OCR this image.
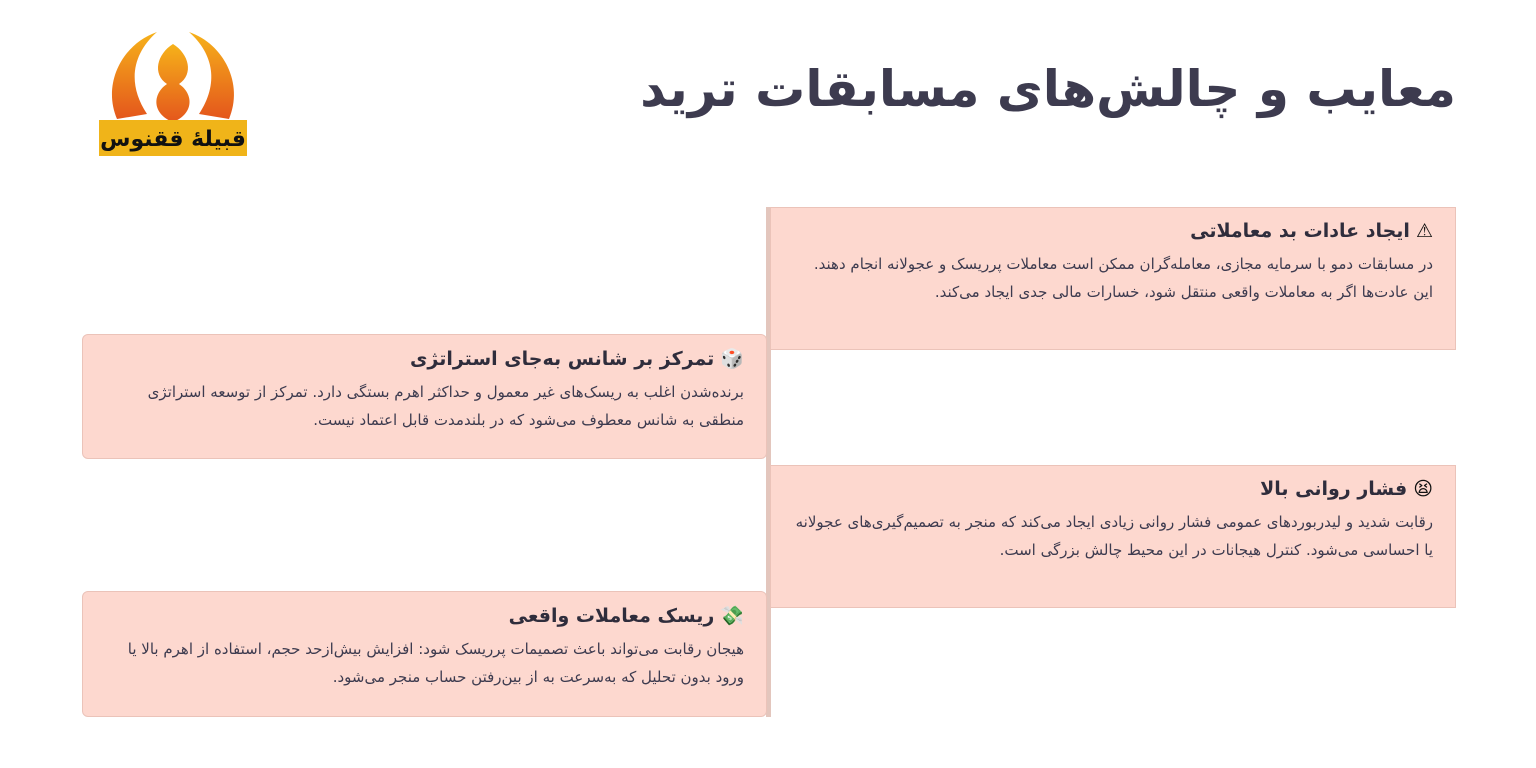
قبیلهٔ ققنوس
معایب و چالش‌های مسابقات ترید
⚠
ایجاد عادات بد معاملاتی

در مسابقات دمو با سرمایه مجازی، معامله‌گران ممکن است معاملات پرریسک و عجولانه انجام دهند. این عادت‌ها اگر به معاملات واقعی منتقل شود، خسارات مالی جدی ایجاد می‌کند.

🎲
تمرکز بر شانس به‌جای استراتژی

برنده‌شدن اغلب به ریسک‌های غیر معمول و حداکثر اهرم بستگی دارد. تمرکز از توسعه استراتژی منطقی به شانس معطوف می‌شود که در بلندمدت قابل اعتماد نیست.

😫
فشار روانی بالا

رقابت شدید و لیدربوردهای عمومی فشار روانی زیادی ایجاد می‌کند که منجر به تصمیم‌گیری‌های عجولانه یا احساسی می‌شود. کنترل هیجانات در این محیط چالش بزرگی است.

💸
ریسک معاملات واقعی

هیجان رقابت می‌تواند باعث تصمیمات پرریسک شود: افزایش بیش‌ازحد حجم، استفاده از اهرم بالا یا ورود بدون تحلیل که به‌سرعت به از بین‌رفتن حساب منجر می‌شود.
